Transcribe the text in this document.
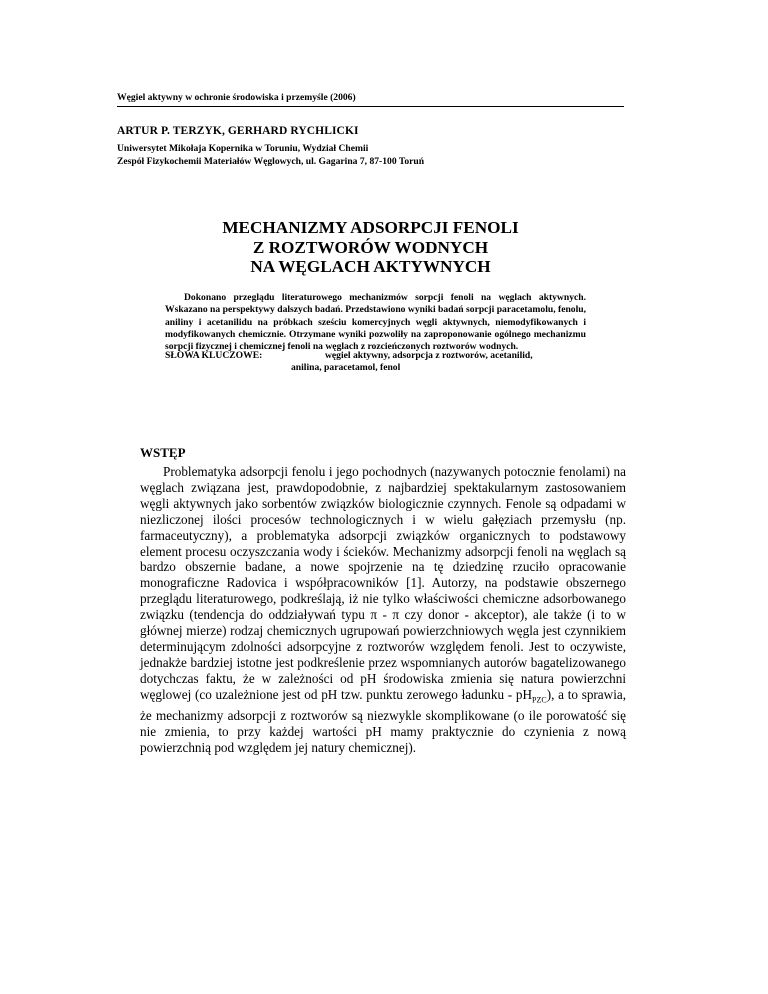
Węgiel aktywny w ochronie środowiska i przemyśle (2006)
ARTUR P. TERZYK, GERHARD RYCHLICKI
Uniwersytet Mikołaja Kopernika w Toruniu, Wydział Chemii
Zespół Fizykochemii Materiałów Węglowych, ul. Gagarina 7, 87-100 Toruń
MECHANIZMY ADSORPCJI FENOLI
Z ROZTWORÓW WODNYCH
NA WĘGLACH AKTYWNYCH

Dokonano przeglądu literaturowego mechanizmów sorpcji fenoli na węglach aktywnych. Wskazano na perspektywy dalszych badań. Przedstawiono wyniki badań sorpcji paracetamolu, fenolu, aniliny i acetanilidu na próbkach sześciu komercyjnych węgli aktywnych, niemodyfikowanych i modyfikowanych chemicznie. Otrzymane wyniki pozwoliły na zaproponowanie ogólnego mechanizmu sorpcji fizycznej i chemicznej fenoli na węglach z rozcieńczonych roztworów wodnych.

SŁOWA KLUCZOWE:	węgiel aktywny, adsorpcja z roztworów, acetanilid,
anilina, paracetamol, fenol
WSTĘP

Problematyka adsorpcji fenolu i jego pochodnych (nazywanych potocznie fenolami) na węglach związana jest, prawdopodobnie, z najbardziej spektakularnym zastosowaniem węgli aktywnych jako sorbentów związków biologicznie czynnych. Fenole są odpadami w niezliczonej ilości procesów technologicznych i w wielu gałęziach przemysłu (np. farmaceutyczny), a problematyka adsorpcji związków organicznych to podstawowy element procesu oczyszczania wody i ścieków. Mechanizmy adsorpcji fenoli na węglach są bardzo obszernie badane, a nowe spojrzenie na tę dziedzinę rzuciło opracowanie monograficzne Radovica i współpracowników [1]. Autorzy, na podstawie obszernego przeglądu literaturowego, podkreślają, iż nie tylko właściwości chemiczne adsorbowanego związku (tendencja do oddziaływań typu π - π czy donor - akceptor), ale także (i to w głównej mierze) rodzaj chemicznych ugrupowań powierzchniowych węgla jest czynnikiem determinującym zdolności adsorpcyjne z roztworów względem fenoli. Jest to oczywiste, jednakże bardziej istotne jest podkreślenie przez wspomnianych autorów bagatelizowanego dotychczas faktu, że w zależności od pH środowiska zmienia się natura powierzchni węglowej (co uzależnione jest od pH tzw. punktu zerowego ładunku - $pH_{PZC}$), a to sprawia, że mechanizmy adsorpcji z roztworów są niezwykle skomplikowane (o ile porowatość się nie zmienia, to przy każdej wartości pH mamy praktycznie do czynienia z nową powierzchnią pod względem jej natury chemicznej).
